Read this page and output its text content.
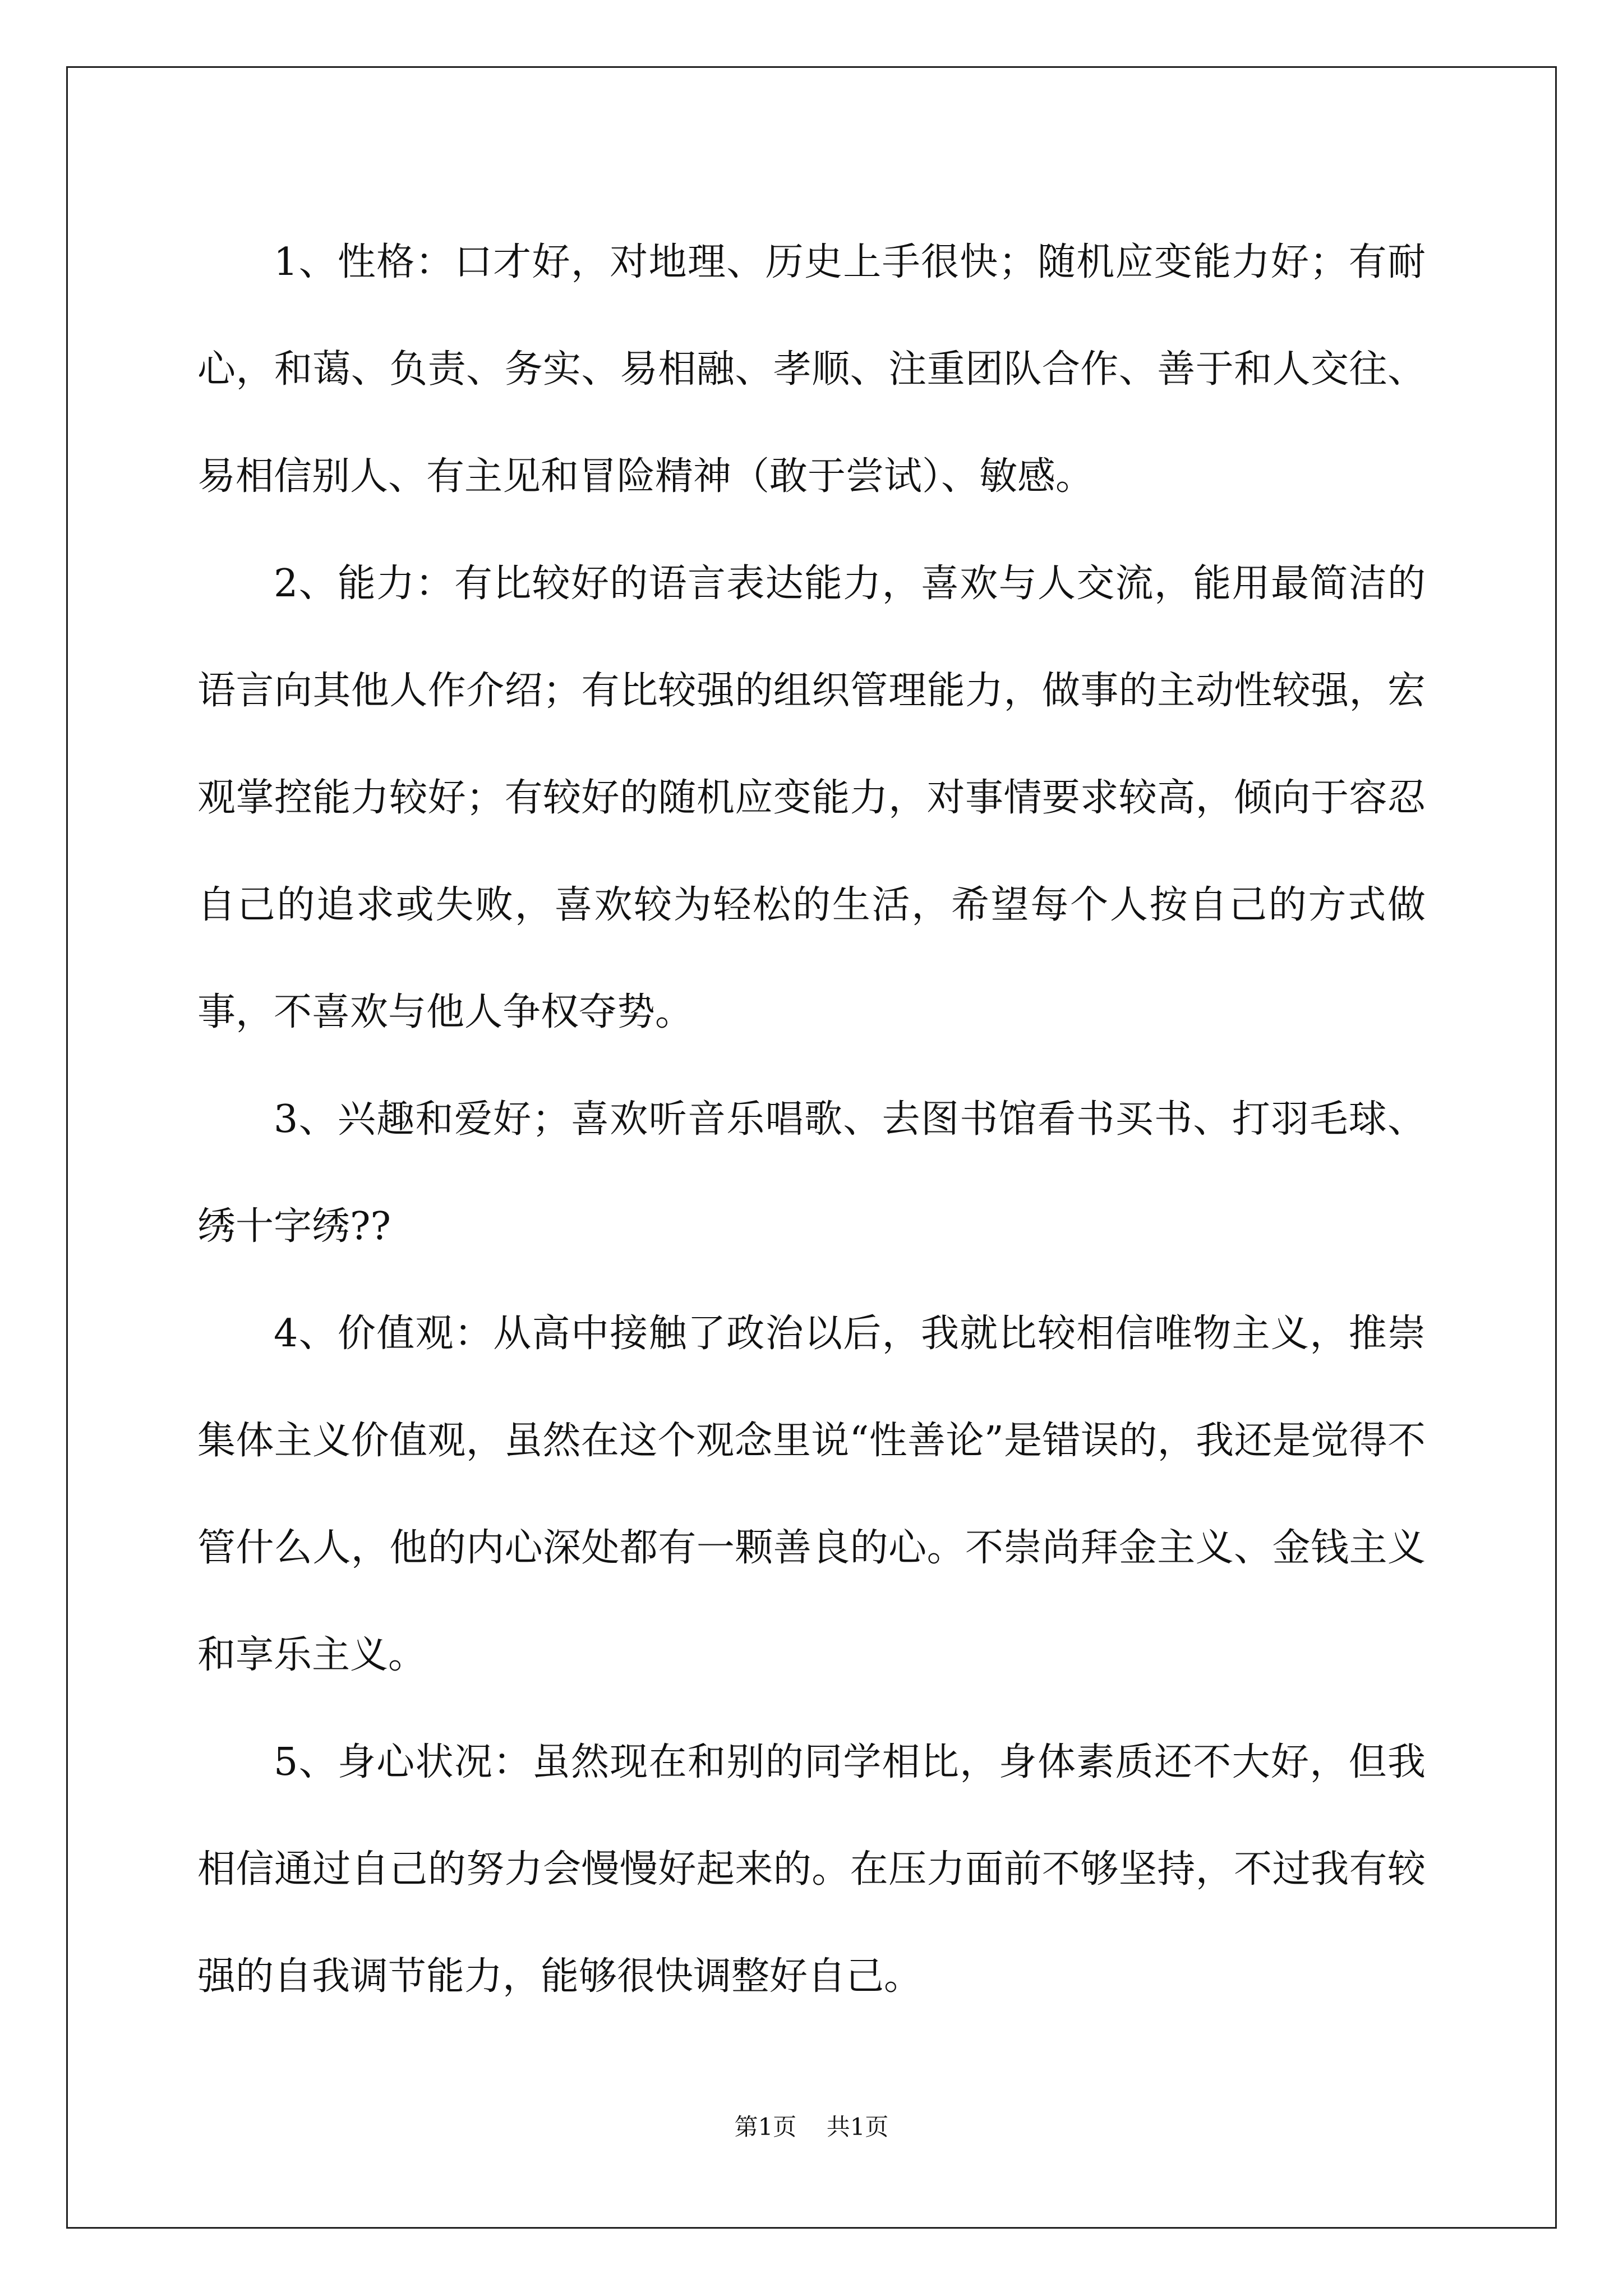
1、性格：口才好，对地理、历史上手很快；随机应变能力好；有耐心，和蔼、负责、务实、易相融、孝顺、注重团队合作、善于和人交往、易相信别人、有主见和冒险精神（敢于尝试）、敏感。

2、能力：有比较好的语言表达能力，喜欢与人交流，能用最简洁的语言向其他人作介绍；有比较强的组织管理能力，做事的主动性较强，宏观掌控能力较好；有较好的随机应变能力，对事情要求较高，倾向于容忍自己的追求或失败，喜欢较为轻松的生活，希望每个人按自己的方式做事，不喜欢与他人争权夺势。

3、兴趣和爱好；喜欢听音乐唱歌、去图书馆看书买书、打羽毛球、绣十字绣??

4、价值观：从高中接触了政治以后，我就比较相信唯物主义，推崇集体主义价值观，虽然在这个观念里说“性善论”是错误的，我还是觉得不管什么人，他的内心深处都有一颗善良的心。不崇尚拜金主义、金钱主义和享乐主义。

5、身心状况：虽然现在和别的同学相比，身体素质还不大好，但我相信通过自己的努力会慢慢好起来的。在压力面前不够坚持，不过我有较强的自我调节能力，能够很快调整好自己。

第1页 共1页
